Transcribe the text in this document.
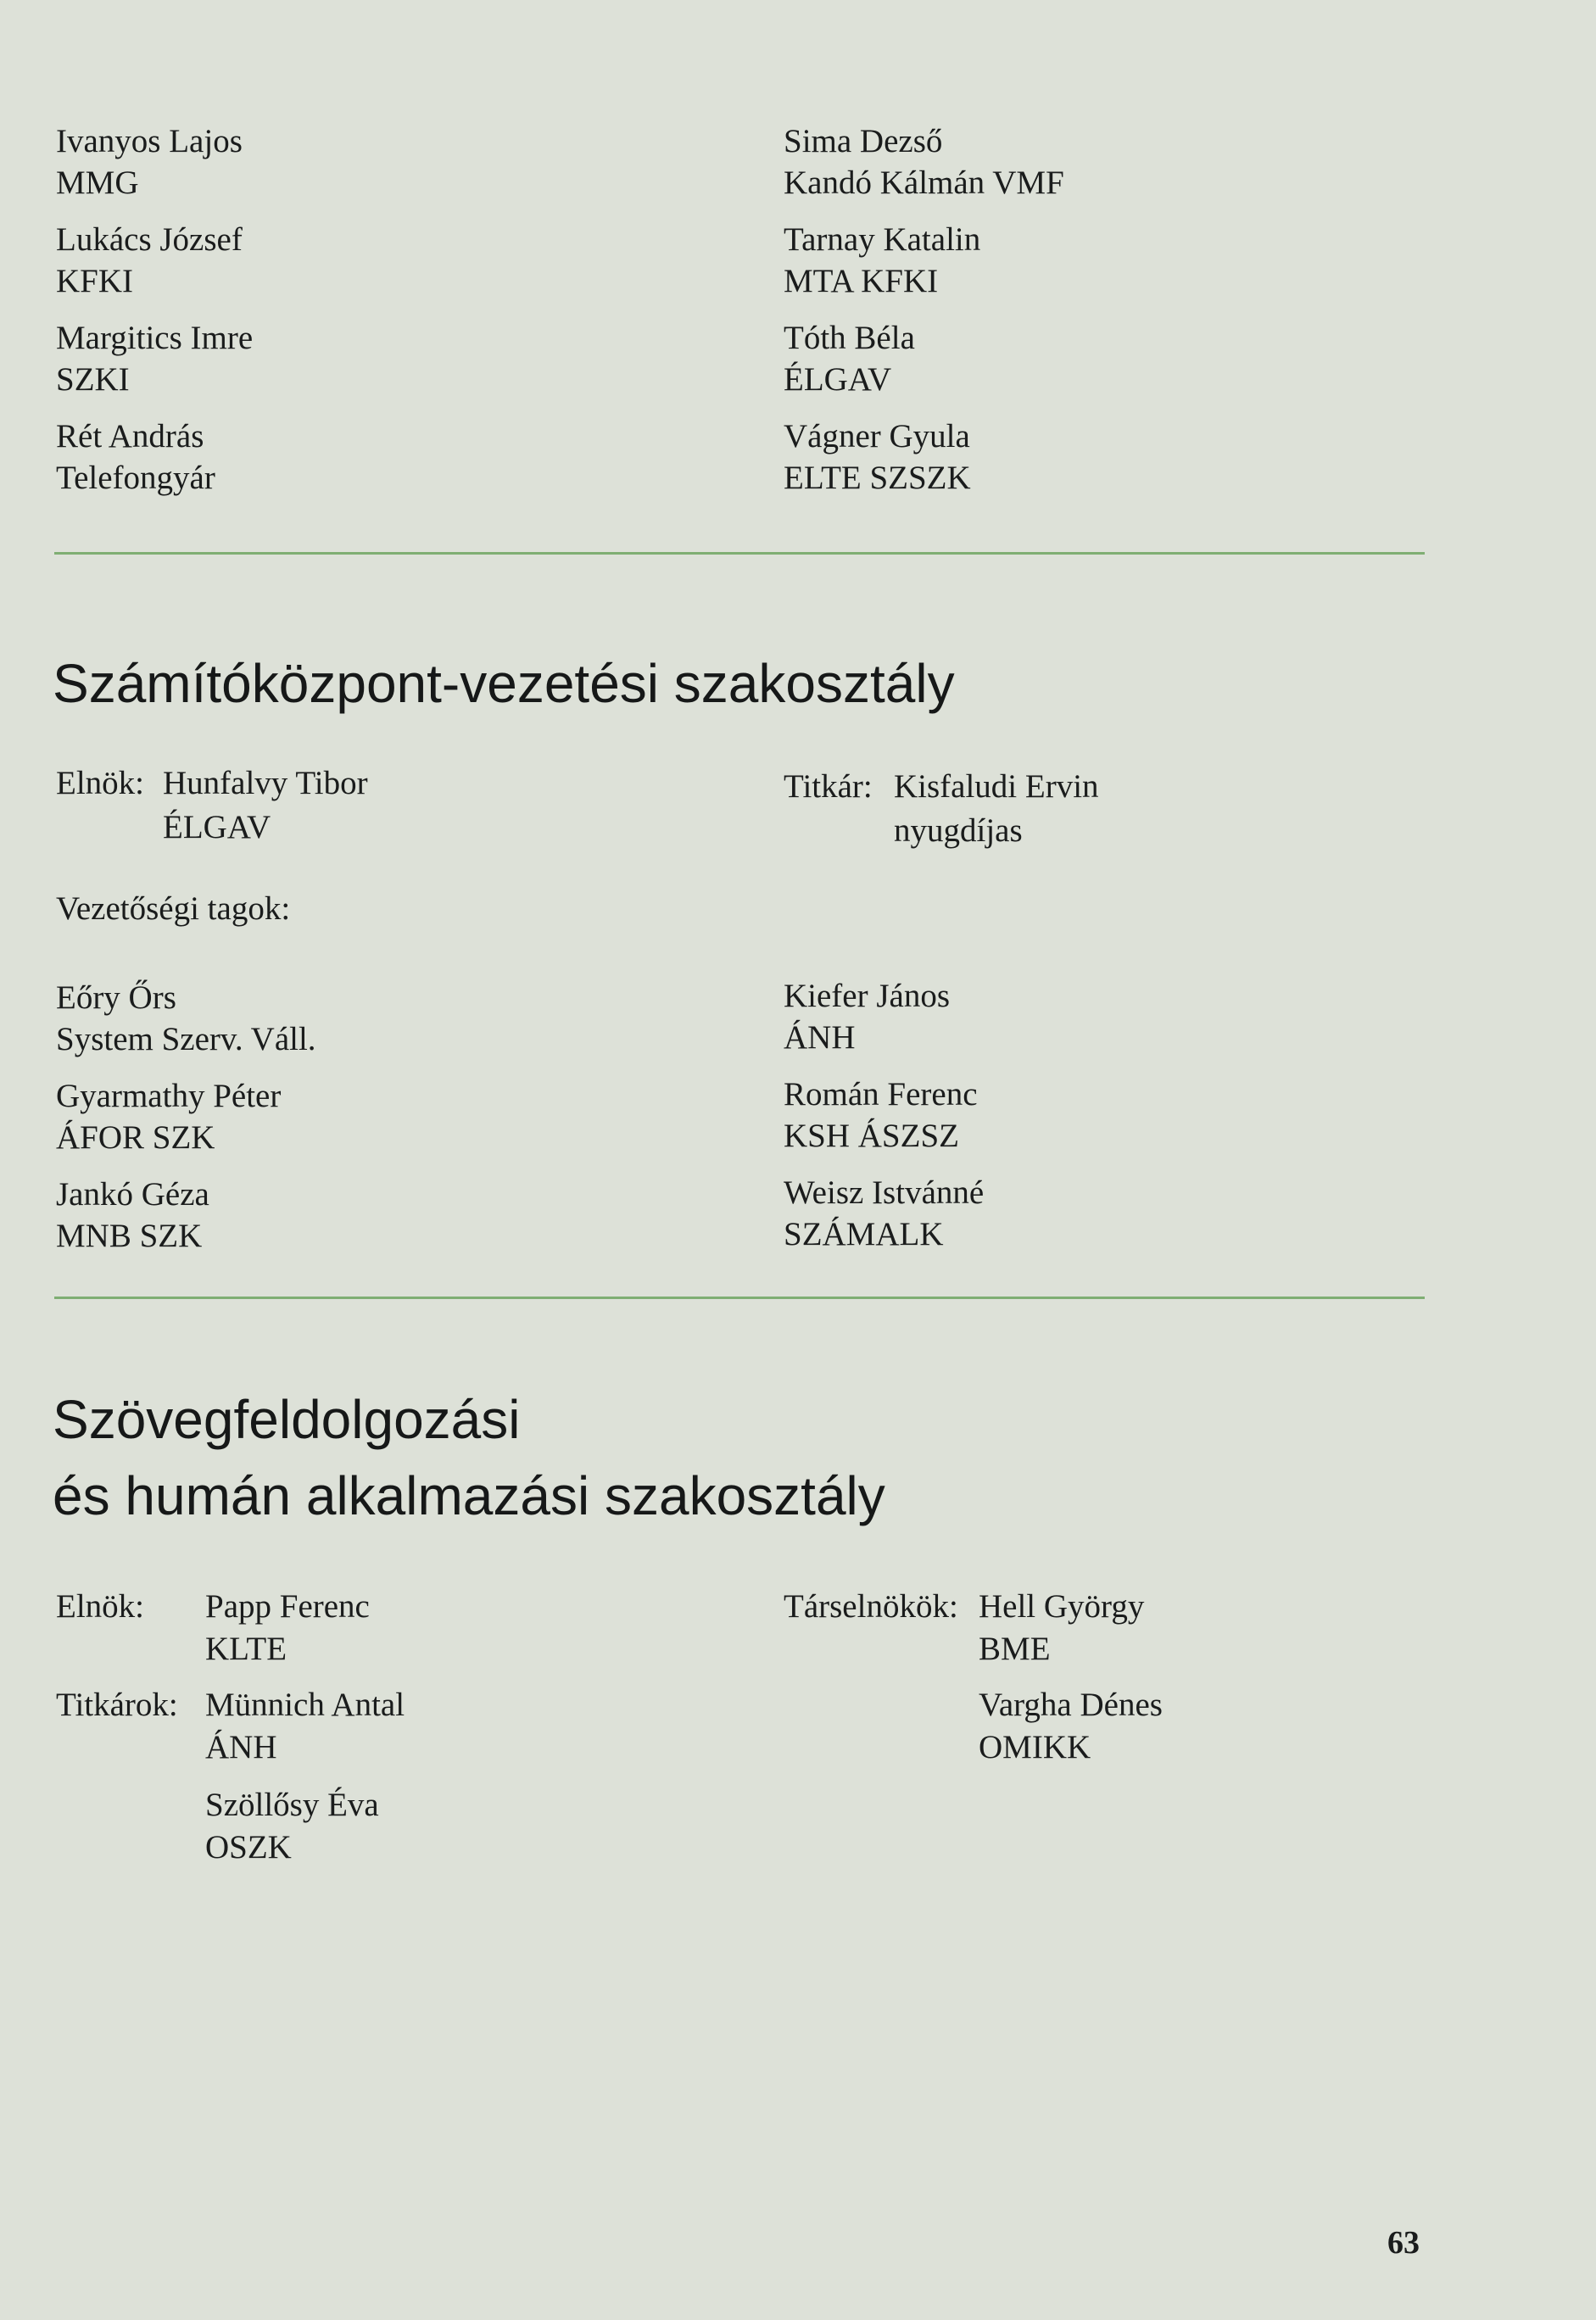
Ivanyos Lajos
MMG
Lukács József
KFKI
Margitics Imre
SZKI
Rét András
Telefongyár
Sima Dezső
Kandó Kálmán VMF
Tarnay Katalin
MTA KFKI
Tóth Béla
ÉLGAV
Vágner Gyula
ELTE SZSZK
Számítóközpont-vezetési szakosztály
Elnök: Hunfalvy Tibor
ÉLGAV
Titkár: Kisfaludi Ervin
nyugdíjas
Vezetőségi tagok:
Eőry Őrs
System Szerv. Váll.
Gyarmathy Péter
ÁFOR SZK
Jankó Géza
MNB SZK
Kiefer János
ÁNH
Román Ferenc
KSH ÁSZSZ
Weisz Istvánné
SZÁMALK
Szövegfeldolgozási
és humán alkalmazási szakosztály
Elnök: Papp Ferenc
KLTE
Társelnökök: Hell György
BME
Vargha Dénes
OMIKK
Titkárok: Münnich Antal
ÁNH
Szöllősy Éva
OSZK
63
